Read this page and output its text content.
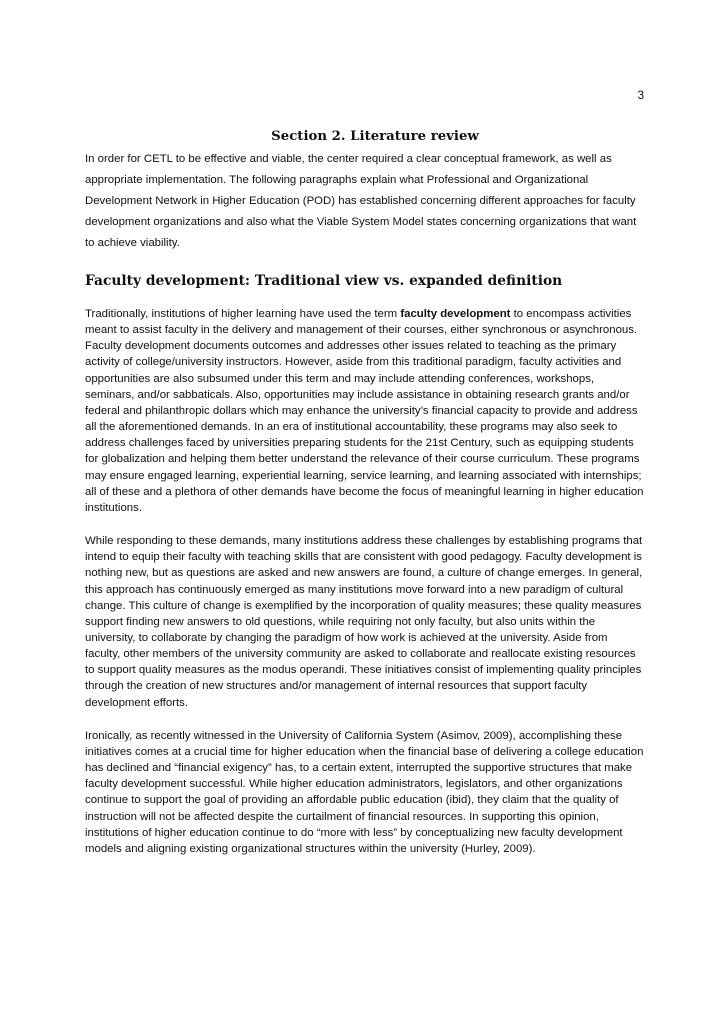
3
Section 2. Literature review

In order for CETL to be effective and viable, the center required a clear conceptual framework, as well as appropriate implementation. The following paragraphs explain what Professional and Organizational Development Network in Higher Education (POD) has established concerning different approaches for faculty development organizations and also what the Viable System Model states concerning organizations that want to achieve viability.

Faculty development: Traditional view vs. expanded definition

Traditionally, institutions of higher learning have used the term faculty development to encompass activities meant to assist faculty in the delivery and management of their courses, either synchronous or asynchronous. Faculty development documents outcomes and addresses other issues related to teaching as the primary activity of college/university instructors. However, aside from this traditional paradigm, faculty activities and opportunities are also subsumed under this term and may include attending conferences, workshops, seminars, and/or sabbaticals. Also, opportunities may include assistance in obtaining research grants and/or federal and philanthropic dollars which may enhance the university’s financial capacity to provide and address all the aforementioned demands. In an era of institutional accountability, these programs may also seek to address challenges faced by universities preparing students for the 21st Century, such as equipping students for globalization and helping them better understand the relevance of their course curriculum. These programs may ensure engaged learning, experiential learning, service learning, and learning associated with internships; all of these and a plethora of other demands have become the focus of meaningful learning in higher education institutions.

While responding to these demands, many institutions address these challenges by establishing programs that intend to equip their faculty with teaching skills that are consistent with good pedagogy. Faculty development is nothing new, but as questions are asked and new answers are found, a culture of change emerges. In general, this approach has continuously emerged as many institutions move forward into a new paradigm of cultural change. This culture of change is exemplified by the incorporation of quality measures; these quality measures support finding new answers to old questions, while requiring not only faculty, but also units within the university, to collaborate by changing the paradigm of how work is achieved at the university. Aside from faculty, other members of the university community are asked to collaborate and reallocate existing resources to support quality measures as the modus operandi. These initiatives consist of implementing quality principles through the creation of new structures and/or management of internal resources that support faculty development efforts.

Ironically, as recently witnessed in the University of California System (Asimov, 2009), accomplishing these initiatives comes at a crucial time for higher education when the financial base of delivering a college education has declined and “financial exigency” has, to a certain extent, interrupted the supportive structures that make faculty development successful. While higher education administrators, legislators, and other organizations continue to support the goal of providing an affordable public education (ibid), they claim that the quality of instruction will not be affected despite the curtailment of financial resources. In supporting this opinion, institutions of higher education continue to do “more with less” by conceptualizing new faculty development models and aligning existing organizational structures within the university (Hurley, 2009).
